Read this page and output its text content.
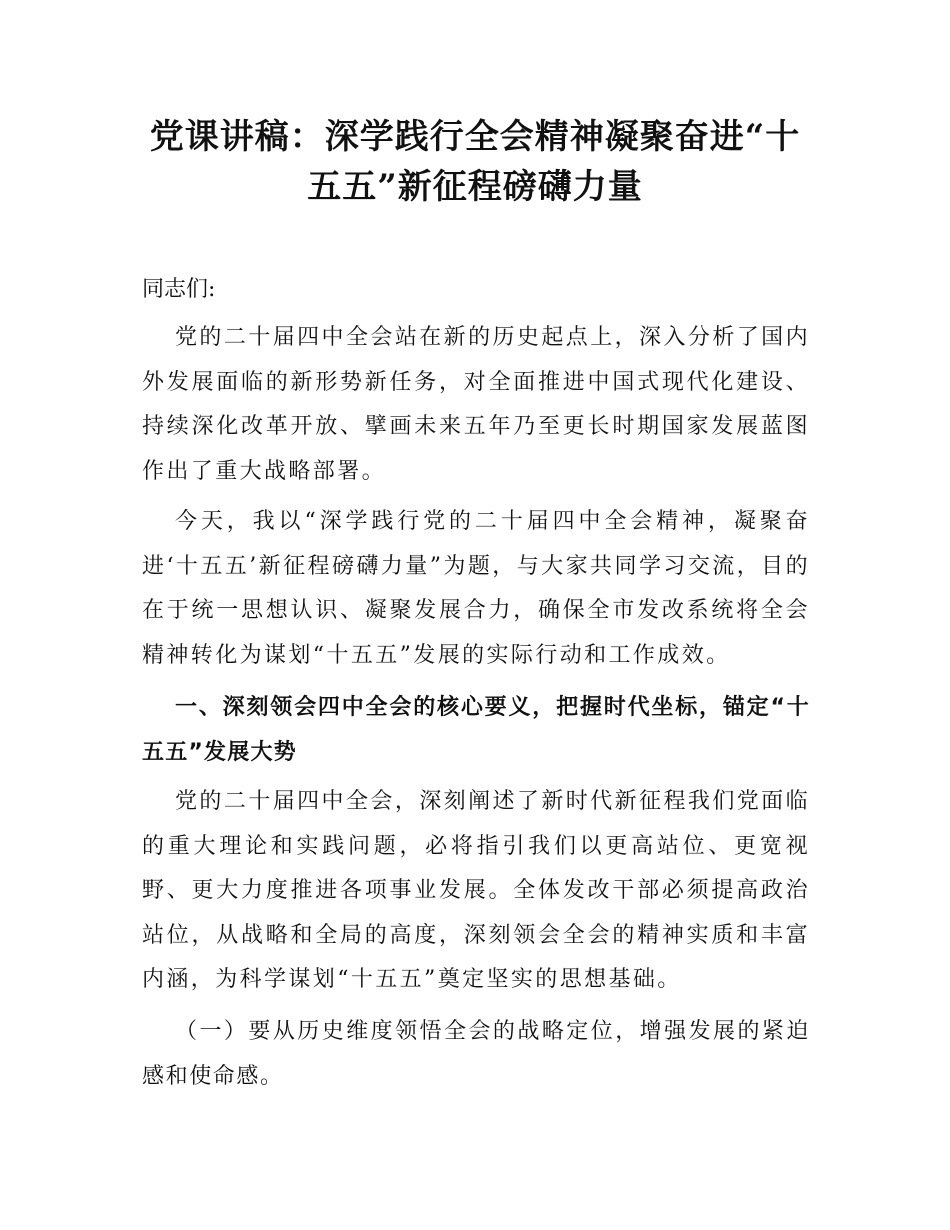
党课讲稿：深学践行全会精神凝聚奋进“十五五”新征程磅礴力量

同志们:

党的二十届四中全会站在新的历史起点上，深入分析了国内外发展面临的新形势新任务，对全面推进中国式现代化建设、持续深化改革开放、擘画未来五年乃至更长时期国家发展蓝图作出了重大战略部署。

今天，我以“深学践行党的二十届四中全会精神，凝聚奋进‘十五五’新征程磅礴力量”为题，与大家共同学习交流，目的在于统一思想认识、凝聚发展合力，确保全市发改系统将全会精神转化为谋划“十五五”发展的实际行动和工作成效。

一、深刻领会四中全会的核心要义，把握时代坐标，锚定“十五五”发展大势

党的二十届四中全会，深刻阐述了新时代新征程我们党面临的重大理论和实践问题，必将指引我们以更高站位、更宽视野、更大力度推进各项事业发展。全体发改干部必须提高政治站位，从战略和全局的高度，深刻领会全会的精神实质和丰富内涵，为科学谋划“十五五”奠定坚实的思想基础。

（一）要从历史维度领悟全会的战略定位，增强发展的紧迫感和使命感。
